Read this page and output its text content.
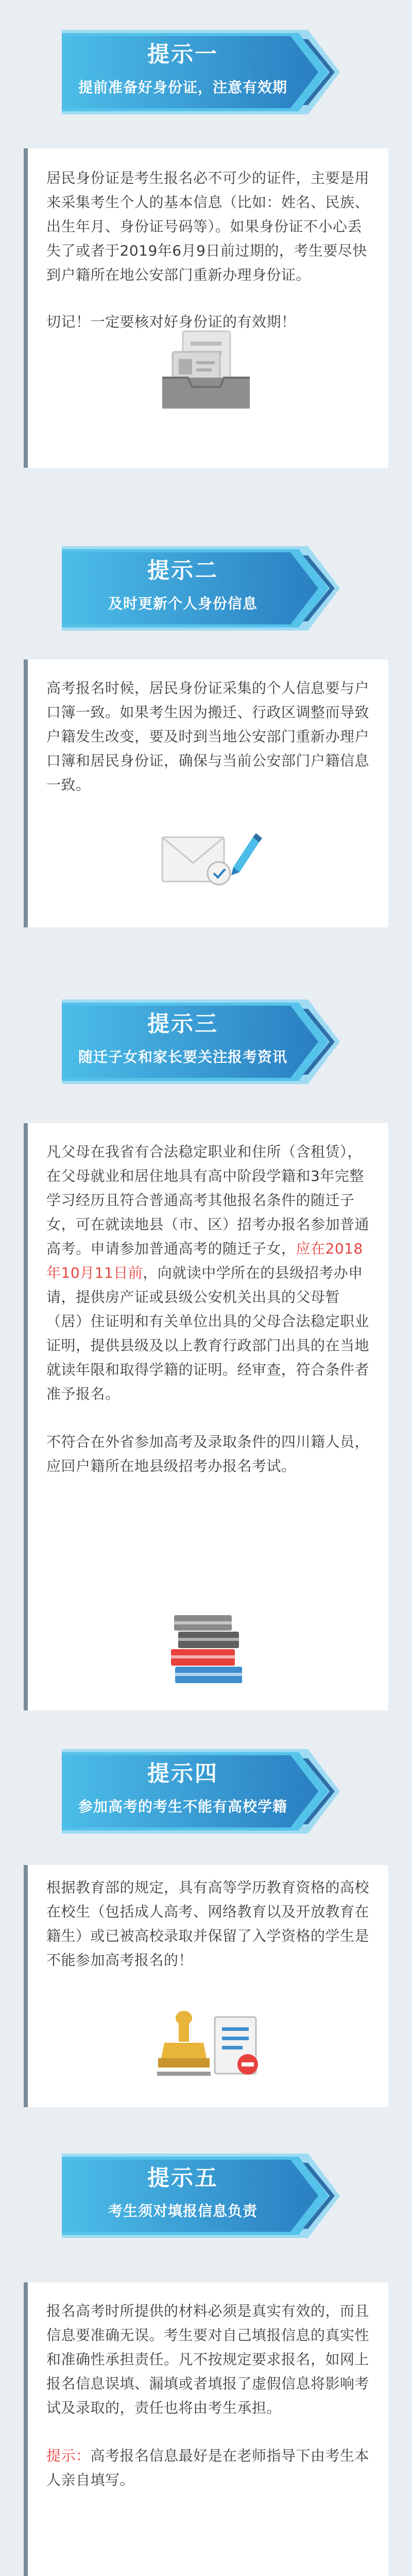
提示一
提前准备好身份证，注意有效期

居民身份证是考生报名必不可少的证件，主要是用来采集考生个人的基本信息（比如：姓名、民族、出生年月、身份证号码等）。如果身份证不小心丢失了或者于2019年6月9日前过期的，考生要尽快到户籍所在地公安部门重新办理身份证。

切记！一定要核对好身份证的有效期！

提示二
及时更新个人身份信息

高考报名时候，居民身份证采集的个人信息要与户口簿一致。如果考生因为搬迁、行政区调整而导致户籍发生改变，要及时到当地公安部门重新办理户口簿和居民身份证，确保与当前公安部门户籍信息一致。

提示三
随迁子女和家长要关注报考资讯

凡父母在我省有合法稳定职业和住所（含租赁），在父母就业和居住地具有高中阶段学籍和3年完整学习经历且符合普通高考其他报名条件的随迁子女，可在就读地县（市、区）招考办报名参加普通高考。申请参加普通高考的随迁子女，应在2018年10月11日前，向就读中学所在的县级招考办申请，提供房产证或县级公安机关出具的父母暂（居）住证明和有关单位出具的父母合法稳定职业证明，提供县级及以上教育行政部门出具的在当地就读年限和取得学籍的证明。经审查，符合条件者准予报名。

不符合在外省参加高考及录取条件的四川籍人员，应回户籍所在地县级招考办报名考试。

提示四
参加高考的考生不能有高校学籍

根据教育部的规定，具有高等学历教育资格的高校在校生（包括成人高考、网络教育以及开放教育在籍生）或已被高校录取并保留了入学资格的学生是不能参加高考报名的！

提示五
考生须对填报信息负责

报名高考时所提供的材料必须是真实有效的，而且信息要准确无误。考生要对自己填报信息的真实性和准确性承担责任。凡不按规定要求报名，如网上报名信息误填、漏填或者填报了虚假信息将影响考试及录取的，责任也将由考生承担。

提示：高考报名信息最好是在老师指导下由考生本人亲自填写。
